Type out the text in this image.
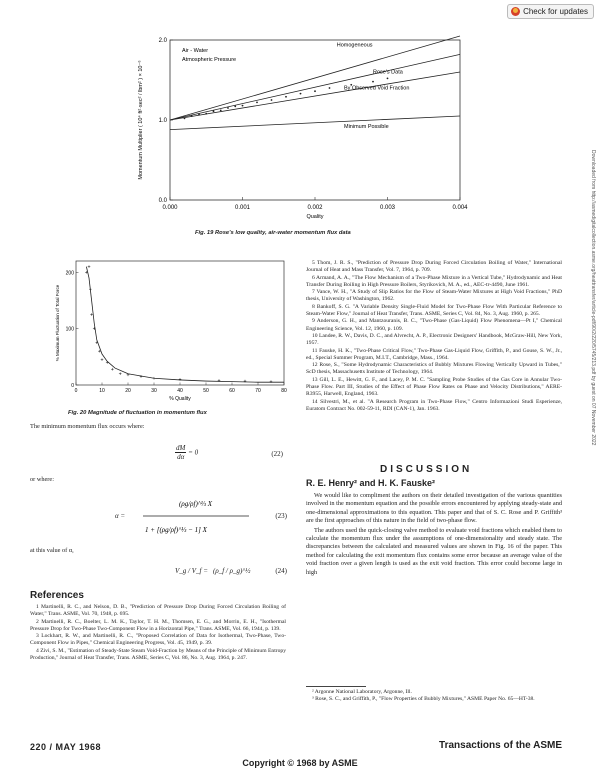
Check for updates
Downloaded from http://asmedigitalcollection.asme.org/heattransfer/article-pdf/90/2/220/5745/213.pdf by guest on 07 November 2022
0.000	0.001	0.002	0.003	0.004
0.0
1.0
2.0
Homogeneous
Rose's Data
By Observed Void Fraction
Minimum Possible
Air - Water
Atmospheric Pressure
Quality
Momentum Multiplier ( 10⁴ ft²·sec² / lbm² ) × 10⁻⁶
Fig. 19 Rose's low quality, air-water momentum flux data
0	10	20	30	40	50	60	70	80
0
100
200
% Quality
% Maximum Fluctuation of Total Force
Fig. 20 Magnitude of fluctuation in momentum flux
The minimum momentum flux occurs where:
$\frac{dM}{d\alpha} = 0$	(22)
or where:
α =
(ρg/ρf)^⅓ X
1 + [(ρg/ρf)^⅓ − 1] X
(23)
at this value of α,
V_g / V_f = (ρ_f / ρ_g)^½	(24)
References

1 Martinelli, R. C., and Nelson, D. B., "Prediction of Pressure Drop During Forced Circulation Boiling of Water," Trans. ASME, Vol. 70, 1948, p. 695.

2 Martinelli, R. C., Boelter, L. M. K., Taylor, T. H. M., Thomsen, E. G., and Morrin, E. H., "Isothermal Pressure Drop for Two-Phase Two-Component Flow in a Horizontal Pipe," Trans. ASME, Vol. 66, 1944, p. 139.

3 Lockhart, R. W., and Martinelli, R. C., "Proposed Correlation of Data for Isothermal, Two-Phase, Two-Component Flow in Pipes," Chemical Engineering Progress, Vol. 45, 1949, p. 39.

4 Zivi, S. M., "Estimation of Steady-State Steam Void-Fraction by Means of the Principle of Minimum Entropy Production," Journal of Heat Transfer, Trans. ASME, Series C, Vol. 86, No. 3, Aug. 1964, p. 247.

5 Thom, J. R. S., "Prediction of Pressure Drop During Forced Circulation Boiling of Water," International Journal of Heat and Mass Transfer, Vol. 7, 1964, p. 709.

6 Armand, A. A., "The Flow Mechanism of a Two-Phase Mixture in a Vertical Tube," Hydrodynamic and Heat Transfer During Boiling in High Pressure Boilers, Styrikovich, M. A., ed., AEC-tr-4490, June 1961.

7 Vance, W. H., "A Study of Slip Ratios for the Flow of Steam-Water Mixtures at High Void Fractions," PhD thesis, University of Washington, 1962.

8 Bankoff, S. G. "A Variable Density Single-Fluid Model for Two-Phase Flow With Particular Reference to Steam-Water Flow," Journal of Heat Transfer, Trans. ASME, Series C, Vol. 84, No. 3, Aug. 1960, p. 265.

9 Anderson, G. H., and Mantzouranis, B. C., "Two-Phase (Gas-Liquid) Flow Phenomena—Pt I," Chemical Engineering Science, Vol. 12, 1960, p. 109.

10 Landee, R. W., Davis, D. C., and Alvrecht, A. P., Electronic Designers' Handbook, McGraw-Hill, New York, 1957.

11 Fauske, H. K., "Two-Phase Critical Flow," Two-Phase Gas-Liquid Flow, Griffith, P., and Gouse, S. W., Jr., ed., Special Summer Program, M.I.T., Cambridge, Mass., 1964.

12 Rose, S., "Some Hydrodynamic Characteristics of Bubbly Mixtures Flowing Vertically Upward in Tubes," ScD thesis, Massachusetts Institute of Technology, 1964.

13 Gill, L. E., Hewitt, G. F., and Lacey, P. M. C. "Sampling Probe Studies of the Gas Core in Annular Two-Phase Flow. Part III, Studies of the Effect of Phase Flow Rates on Phase and Velocity Distributions," AERE-R3955, Harwell, England, 1963.

14 Silvestri, M., et al. "A Research Program in Two-Phase Flow," Centro Informazioni Studi Esperienze, Euratom Contract No. 002-59-11, RDI (CAN-1), Jan. 1963.

DISCUSSION
R. E. Henry² and H. K. Fauske²

We would like to compliment the authors on their detailed investigation of the various quantities involved in the momentum equation and the possible errors encountered by applying steady-state and one-dimensional approximations to this equation. This paper and that of S. C. Rose and P. Griffith³ are the first approaches of this nature in the field of two-phase flow.

The authors used the quick-closing valve method to evaluate void fractions which enabled them to calculate the momentum flux under the assumptions of one-dimensionality and steady state. The discrepancies between the calculated and measured values are shown in Fig. 16 of the paper. This method for calculating the exit momentum flux contains some error because an average value of the void fraction over a given length is used as the exit void fraction. This error could become large in high

² Argonne National Laboratory, Argonne, Ill.

³ Rose, S. C., and Griffith, P., "Flow Properties of Bubbly Mixtures," ASME Paper No. 65—HT-38.

220 / MAY 1968	Transactions of the ASME
Copyright © 1968 by ASME
